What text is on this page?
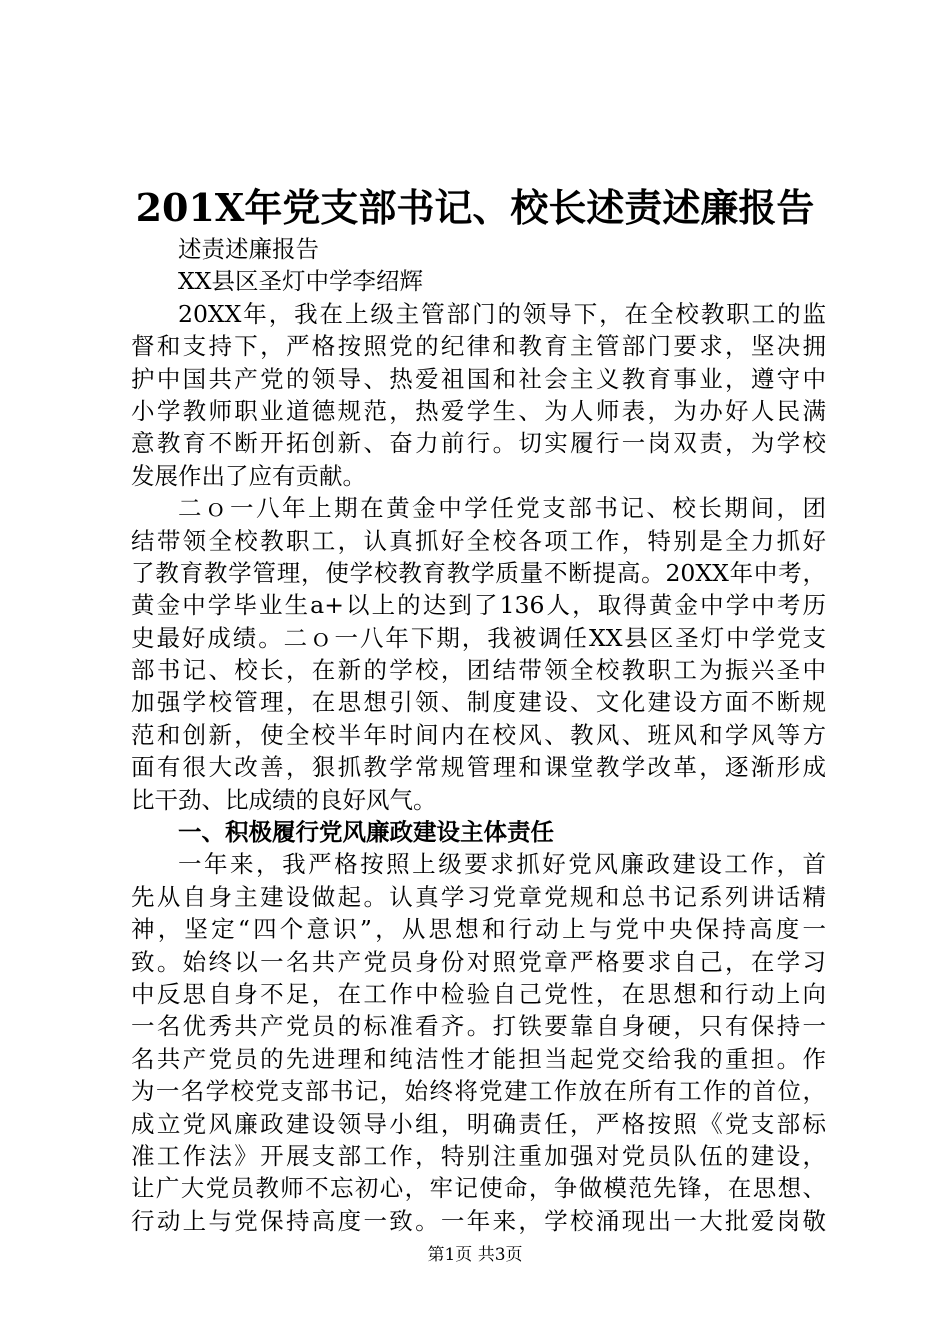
201X年党支部书记、校长述责述廉报告
述责述廉报告
XX县区圣灯中学李绍辉
20XX年，我在上级主管部门的领导下，在全校教职工的监
督和支持下，严格按照党的纪律和教育主管部门要求，坚决拥
护中国共产党的领导、热爱祖国和社会主义教育事业，遵守中
小学教师职业道德规范，热爱学生、为人师表，为办好人民满
意教育不断开拓创新、奋力前行。切实履行一岗双责，为学校
发展作出了应有贡献。
二ｏ一八年上期在黄金中学任党支部书记、校长期间，团
结带领全校教职工，认真抓好全校各项工作，特别是全力抓好
了教育教学管理，使学校教育教学质量不断提高。20XX年中考，
黄金中学毕业生a+以上的达到了136人，取得黄金中学中考历
史最好成绩。二ｏ一八年下期，我被调任XX县区圣灯中学党支
部书记、校长，在新的学校，团结带领全校教职工为振兴圣中
加强学校管理，在思想引领、制度建设、文化建设方面不断规
范和创新，使全校半年时间内在校风、教风、班风和学风等方
面有很大改善，狠抓教学常规管理和课堂教学改革，逐渐形成
比干劲、比成绩的良好风气。
一、积极履行党风廉政建设主体责任
一年来，我严格按照上级要求抓好党风廉政建设工作，首
先从自身主建设做起。认真学习党章党规和总书记系列讲话精
神，坚定“四个意识”，从思想和行动上与党中央保持高度一
致。始终以一名共产党员身份对照党章严格要求自己，在学习
中反思自身不足，在工作中检验自己党性，在思想和行动上向
一名优秀共产党员的标准看齐。打铁要靠自身硬，只有保持一
名共产党员的先进理和纯洁性才能担当起党交给我的重担。作
为一名学校党支部书记，始终将党建工作放在所有工作的首位，
成立党风廉政建设领导小组，明确责任，严格按照《党支部标
准工作法》开展支部工作，特别注重加强对党员队伍的建设，
让广大党员教师不忘初心，牢记使命，争做模范先锋，在思想、
行动上与党保持高度一致。一年来，学校涌现出一大批爱岗敬
第1页 共3页
